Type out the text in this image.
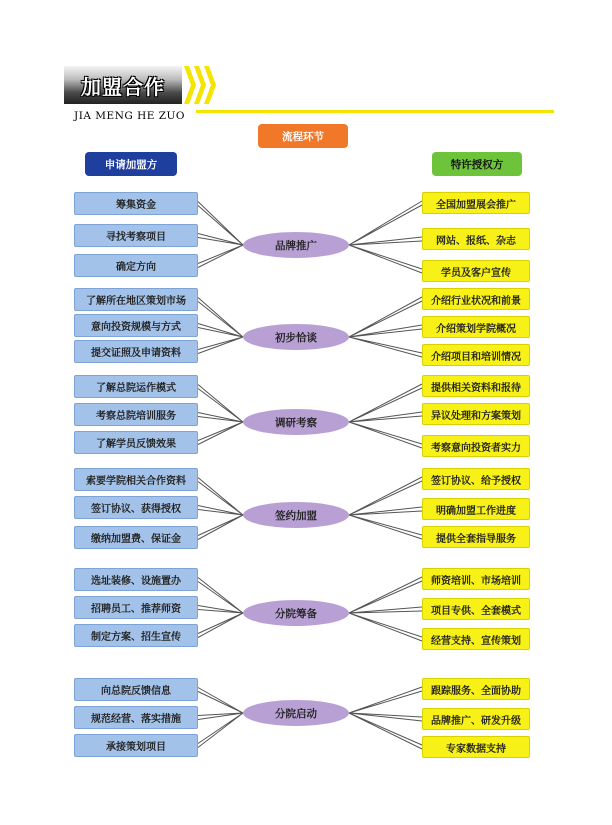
加盟合作
JIA MENG HE ZUO
流程环节
申请加盟方	特许授权方
品牌推广
筹集资金
寻找考察项目
确定方向
全国加盟展会推广
网站、报纸、杂志
学员及客户宣传
初步恰谈
了解所在地区策划市场
意向投资规模与方式
提交证照及申请资料
介绍行业状况和前景
介绍策划学院概况
介绍项目和培训情况
调研考察
了解总院运作模式
考察总院培训服务
了解学员反馈效果
提供相关资料和报待
异议处理和方案策划
考察意向投资者实力
签约加盟
索要学院相关合作资料
签订协议、获得授权
缴纳加盟费、保证金
签订协议、给予授权
明确加盟工作进度
提供全套指导服务
分院筹备
选址装修、设施置办
招聘员工、推荐师资
制定方案、招生宣传
师资培训、市场培训
项目专供、全套模式
经营支持、宣传策划
分院启动
向总院反馈信息
规范经营、落实措施
承接策划项目
跟踪服务、全面协助
品牌推广、研发升级
专家数据支持
